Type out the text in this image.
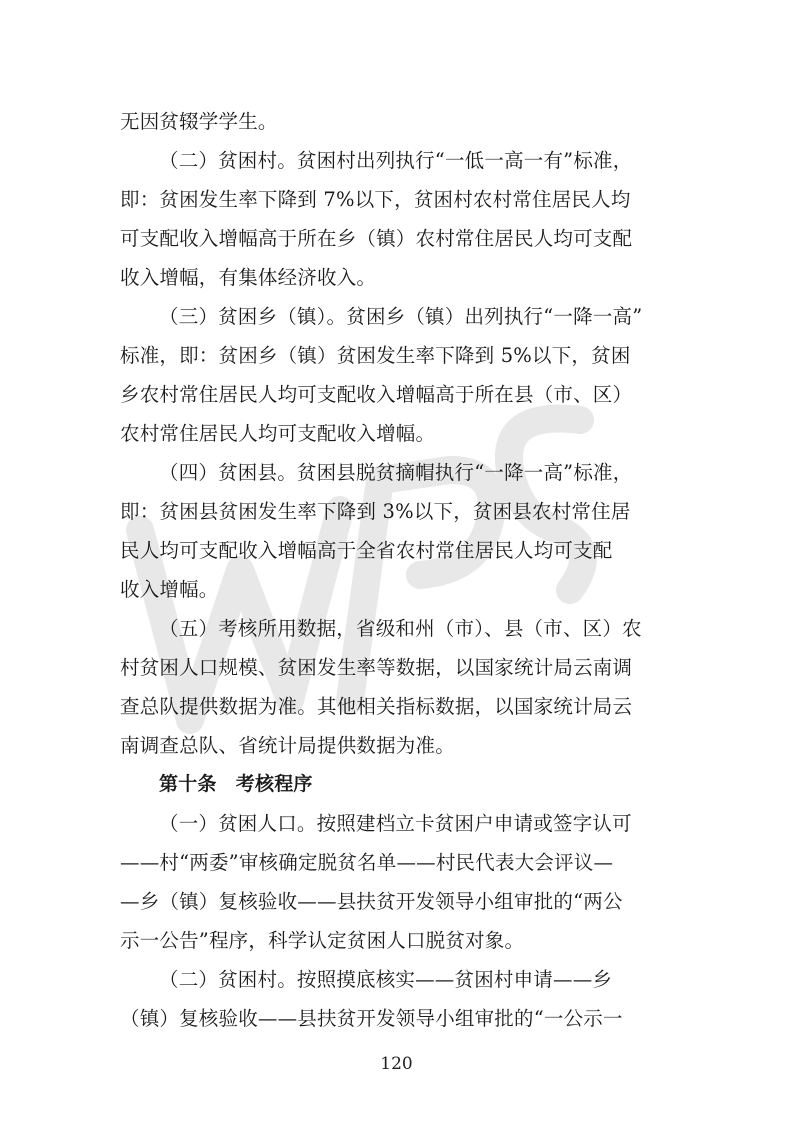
无因贫辍学学生。
（二）贫困村。贫困村出列执行“一低一高一有”标准，
即：贫困发生率下降到 7%以下，贫困村农村常住居民人均
可支配收入增幅高于所在乡（镇）农村常住居民人均可支配
收入增幅，有集体经济收入。
（三）贫困乡（镇）。贫困乡（镇）出列执行“一降一高”
标准，即：贫困乡（镇）贫困发生率下降到 5%以下，贫困
乡农村常住居民人均可支配收入增幅高于所在县（市、区）
农村常住居民人均可支配收入增幅。
（四）贫困县。贫困县脱贫摘帽执行“一降一高”标准，
即：贫困县贫困发生率下降到 3%以下，贫困县农村常住居
民人均可支配收入增幅高于全省农村常住居民人均可支配
收入增幅。
（五）考核所用数据，省级和州（市）、县（市、区）农
村贫困人口规模、贫困发生率等数据，以国家统计局云南调
查总队提供数据为准。其他相关指标数据，以国家统计局云
南调查总队、省统计局提供数据为准。
第十条　考核程序
（一）贫困人口。按照建档立卡贫困户申请或签字认可
——村“两委”审核确定脱贫名单——村民代表大会评议—
—乡（镇）复核验收——县扶贫开发领导小组审批的“两公
示一公告”程序，科学认定贫困人口脱贫对象。
（二）贫困村。按照摸底核实——贫困村申请——乡
（镇）复核验收——县扶贫开发领导小组审批的“一公示一
120
